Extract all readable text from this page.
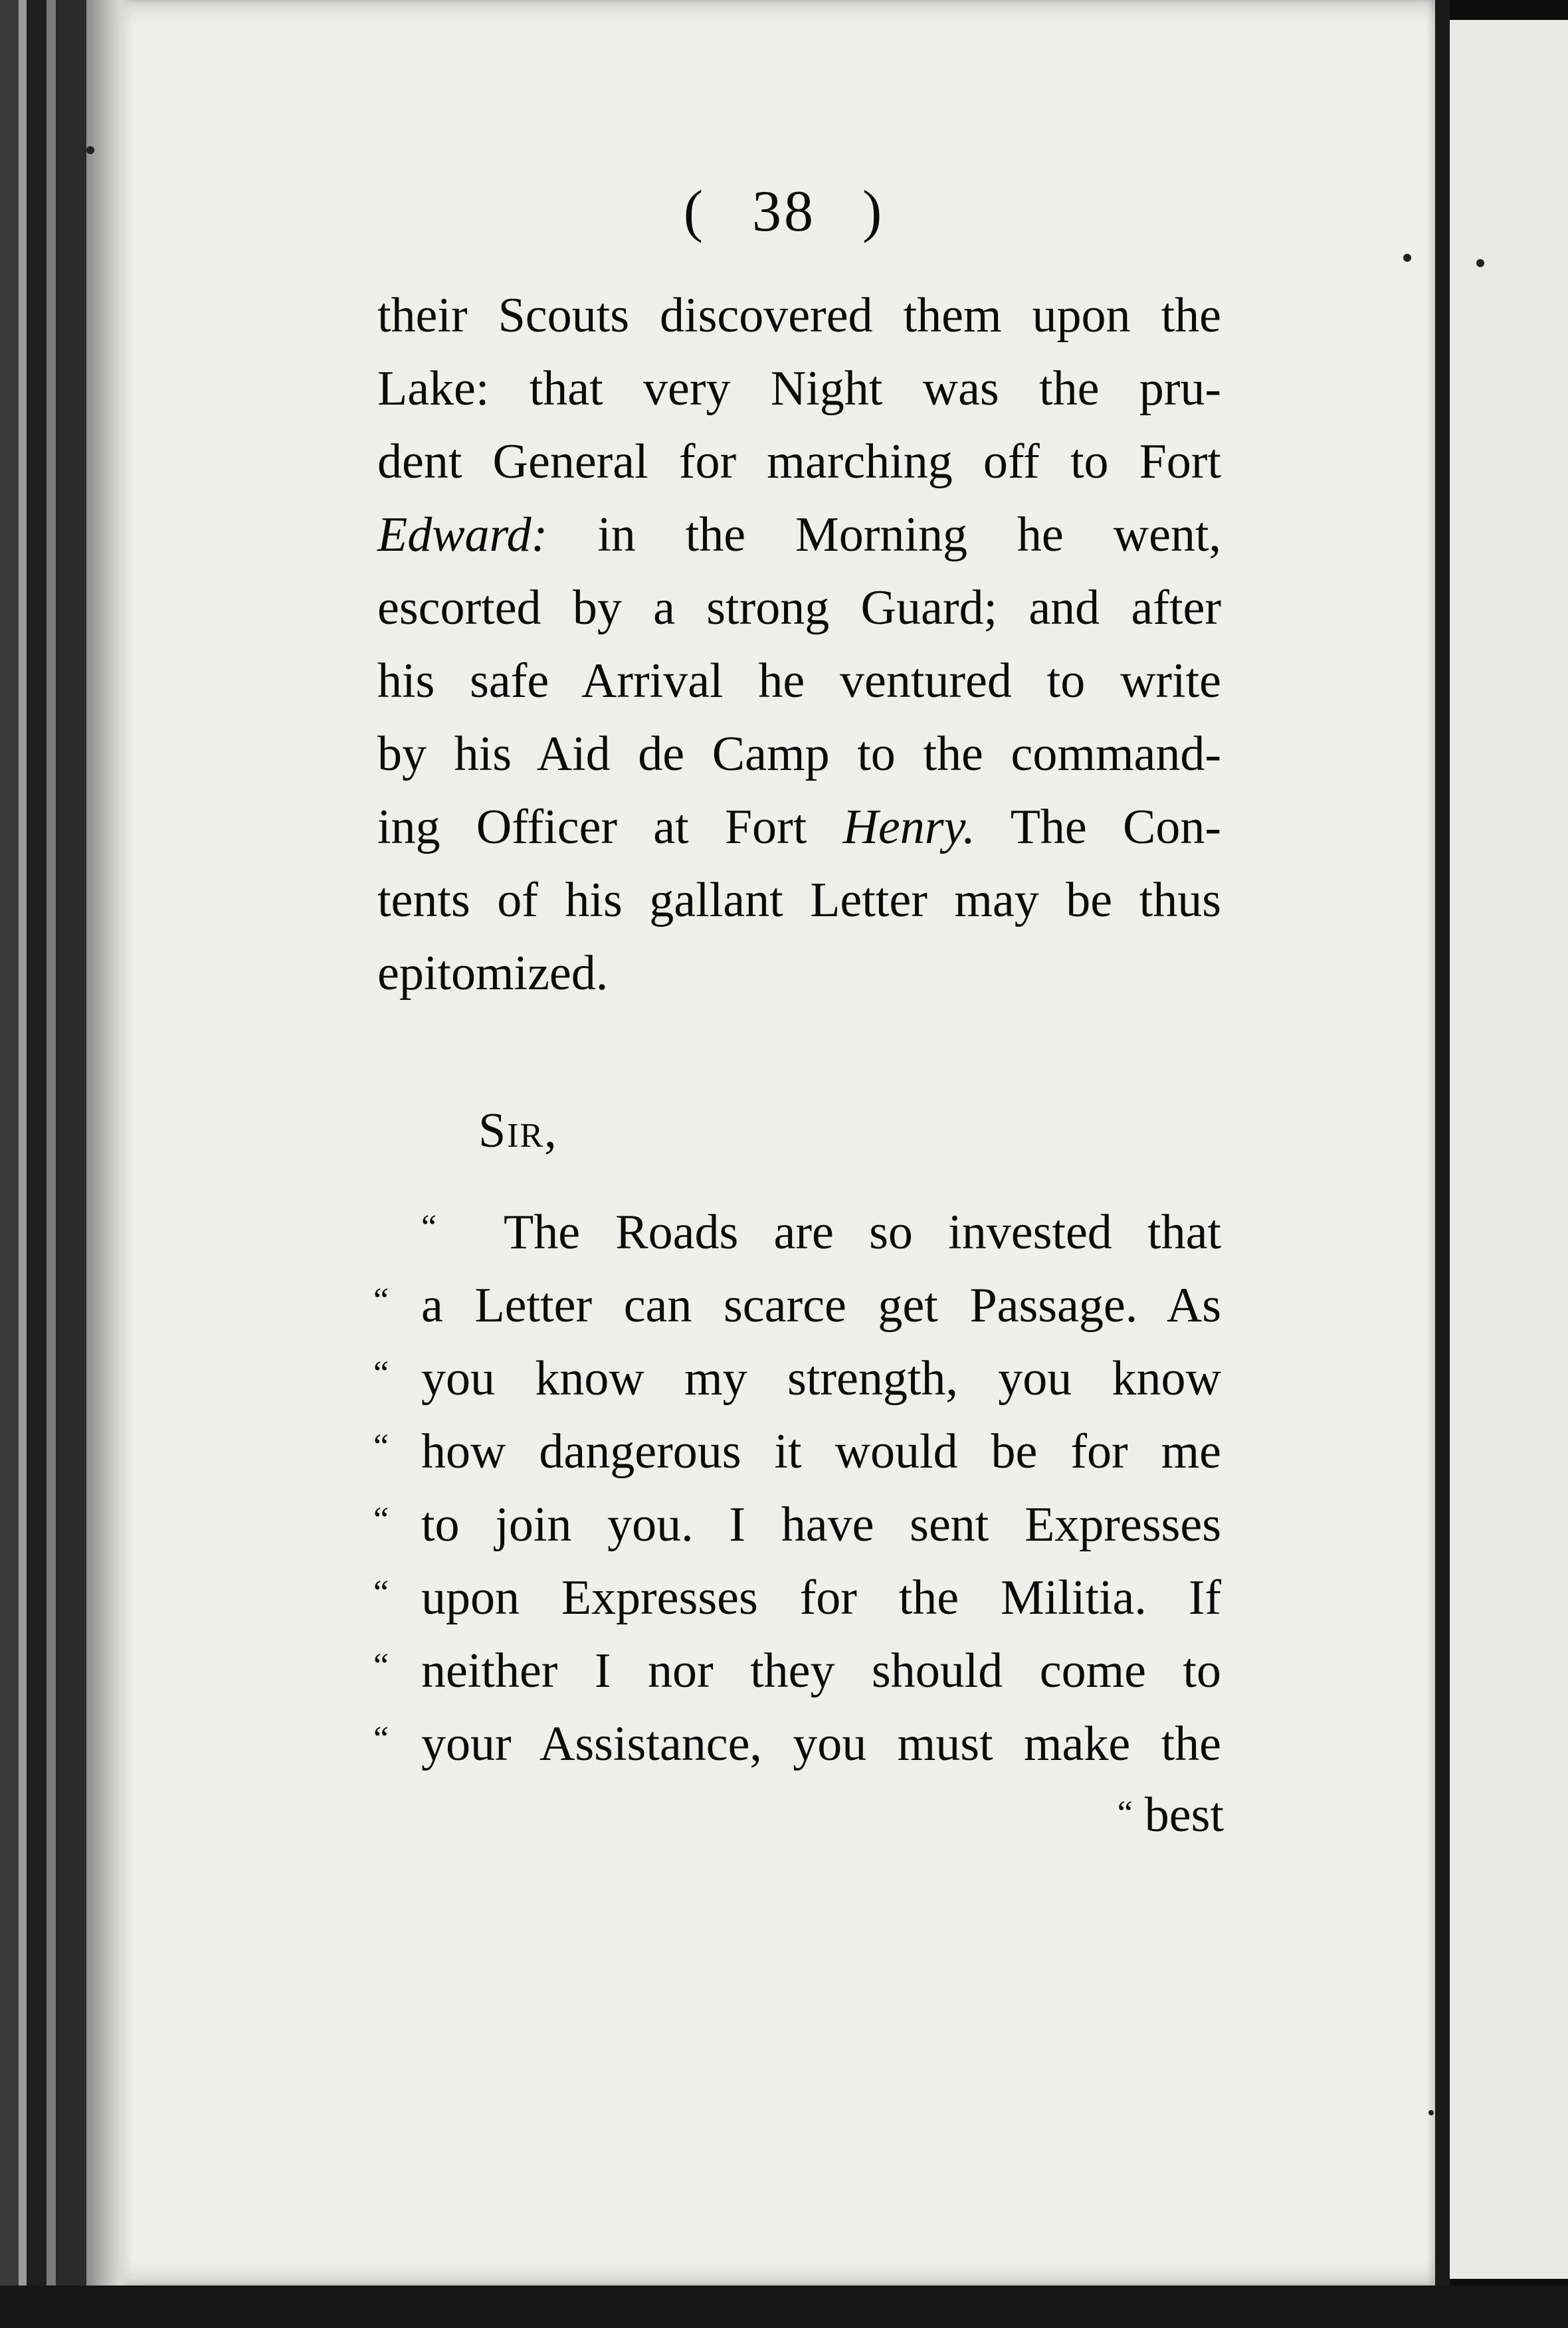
( 38 )
their Scouts discovered them upon the
Lake: that very Night was the pru-
dent General for marching off to Fort
Edward: in the Morning he went,
escorted by a strong Guard; and after
his safe Arrival he ventured to write
by his Aid de Camp to the command-
ing Officer at Fort Henry. The Con-
tents of his gallant Letter may be thus
epitomized.
Sir,
“ The Roads are so invested that
“ a Letter can scarce get Passage. As
“ you know my strength, you know
“ how dangerous it would be for me
“ to join you. I have sent Expresses
“ upon Expresses for the Militia. If
“ neither I nor they should come to
“ your Assistance, you must make the
“ best
